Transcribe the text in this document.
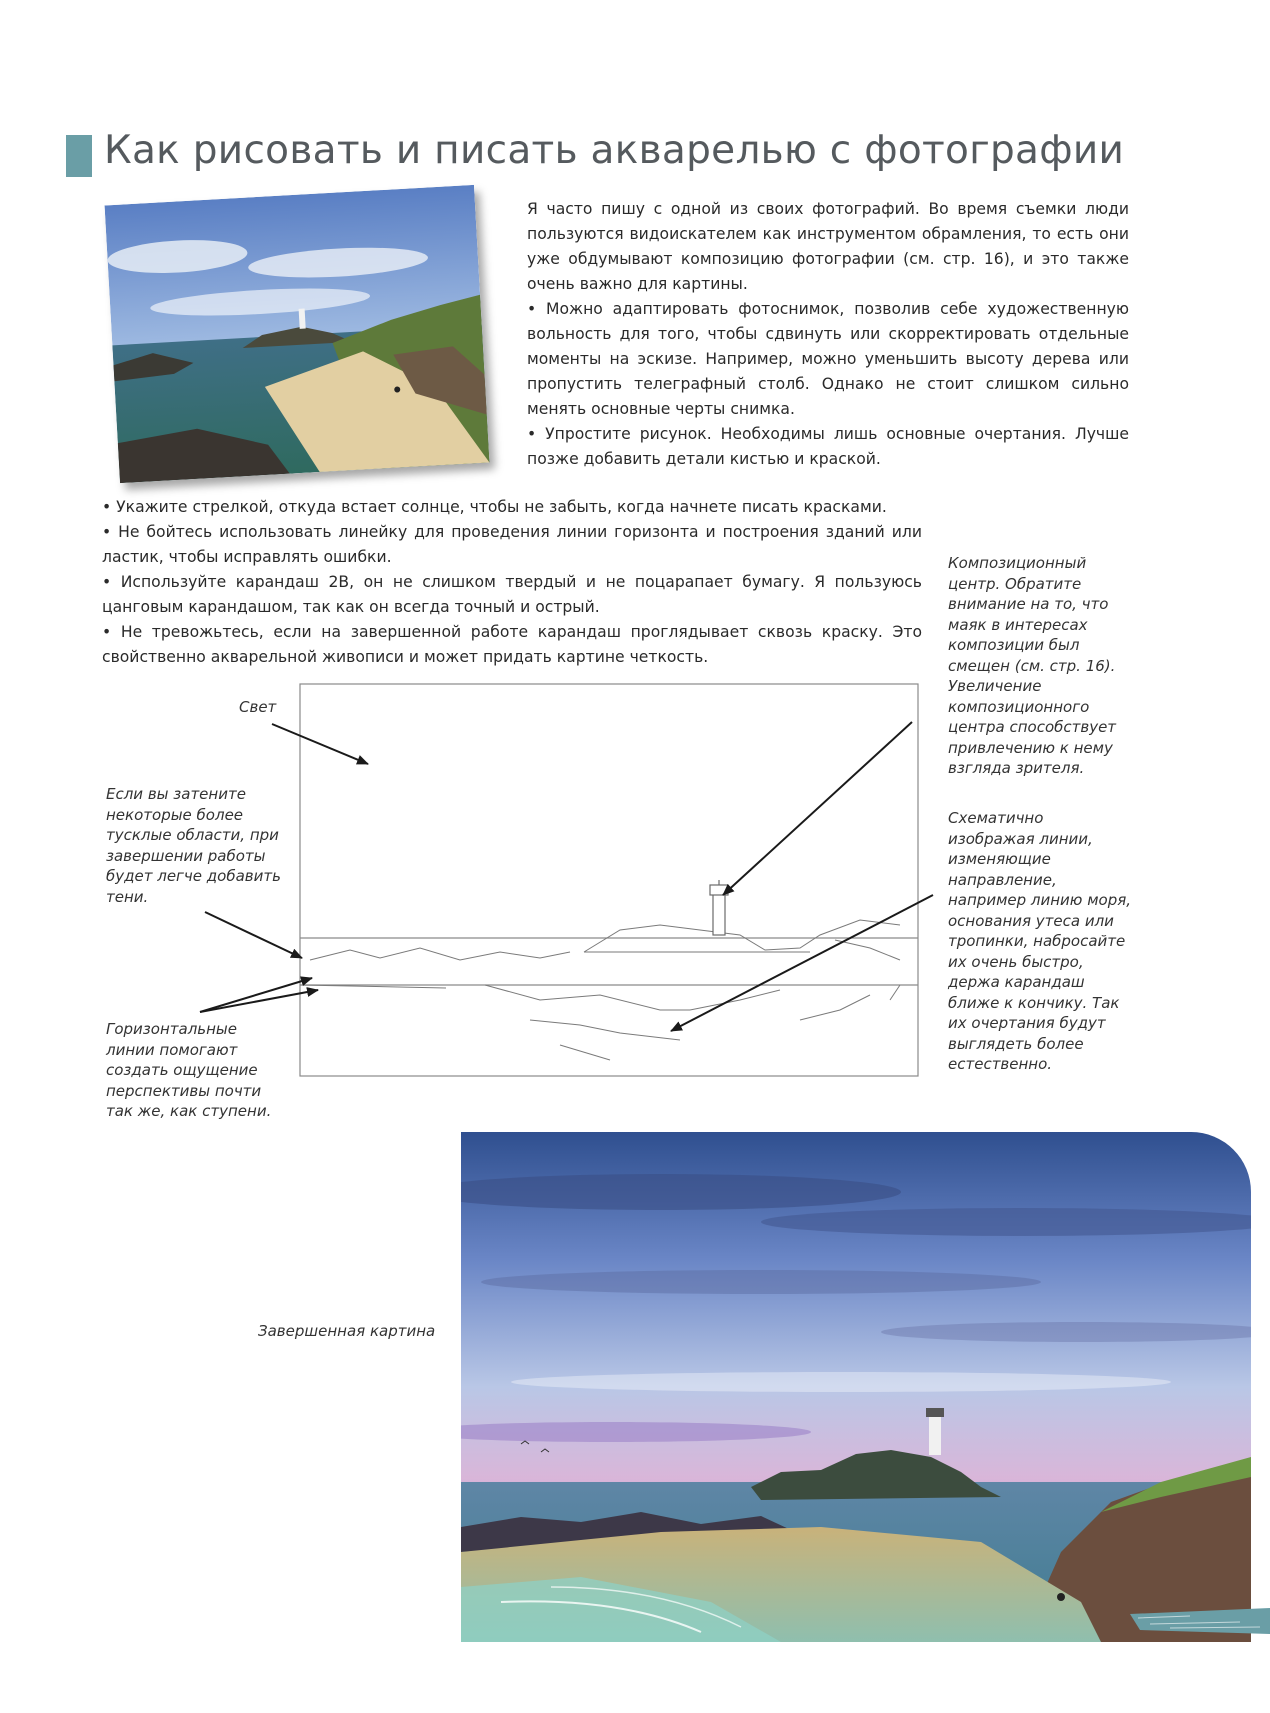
Как рисовать и писать акварелью с фотографии

Я часто пишу с одной из своих фотографий. Во время съемки люди пользуются видоискателем как инструментом обрамления, то есть они уже обдумывают композицию фотографии (см. стр. 16), и это также очень важно для картины.

• Можно адаптировать фотоснимок, позволив себе художественную вольность для того, чтобы сдвинуть или скорректировать отдельные моменты на эскизе. Например, можно уменьшить высоту дерева или пропустить телеграфный столб. Однако не стоит слишком сильно менять основные черты снимка.

• Упростите рисунок. Необходимы лишь основные очертания. Лучше позже добавить детали кистью и краской.

• Укажите стрелкой, откуда встает солнце, чтобы не забыть, когда начнете писать красками.

• Не бойтесь использовать линейку для проведения линии горизонта и построения зданий или ластик, чтобы исправлять ошибки.

• Используйте карандаш 2B, он не слишком твердый и не поцарапает бумагу. Я пользуюсь цанговым карандашом, так как он всегда точный и острый.

• Не тревожьтесь, если на завершенной работе карандаш проглядывает сквозь краску. Это свойственно акварельной живописи и может придать картине четкость.

Свет
Если вы затените некоторые более тусклые области, при завершении работы будет легче добавить тени.
Горизонтальные линии помогают создать ощущение перспективы почти так же, как ступени.
Композиционный центр. Обратите внимание на то, что маяк в интересах композиции был смещен (см. стр. 16). Увеличение композиционного центра способствует привлечению к нему взгляда зрителя.
Схематично изображая линии, изменяющие направление, например линию моря, основания утеса или тропинки, набросайте их очень быстро, держа карандаш ближе к кончику. Так их очертания будут выглядеть более естественно.
Завершенная картина
